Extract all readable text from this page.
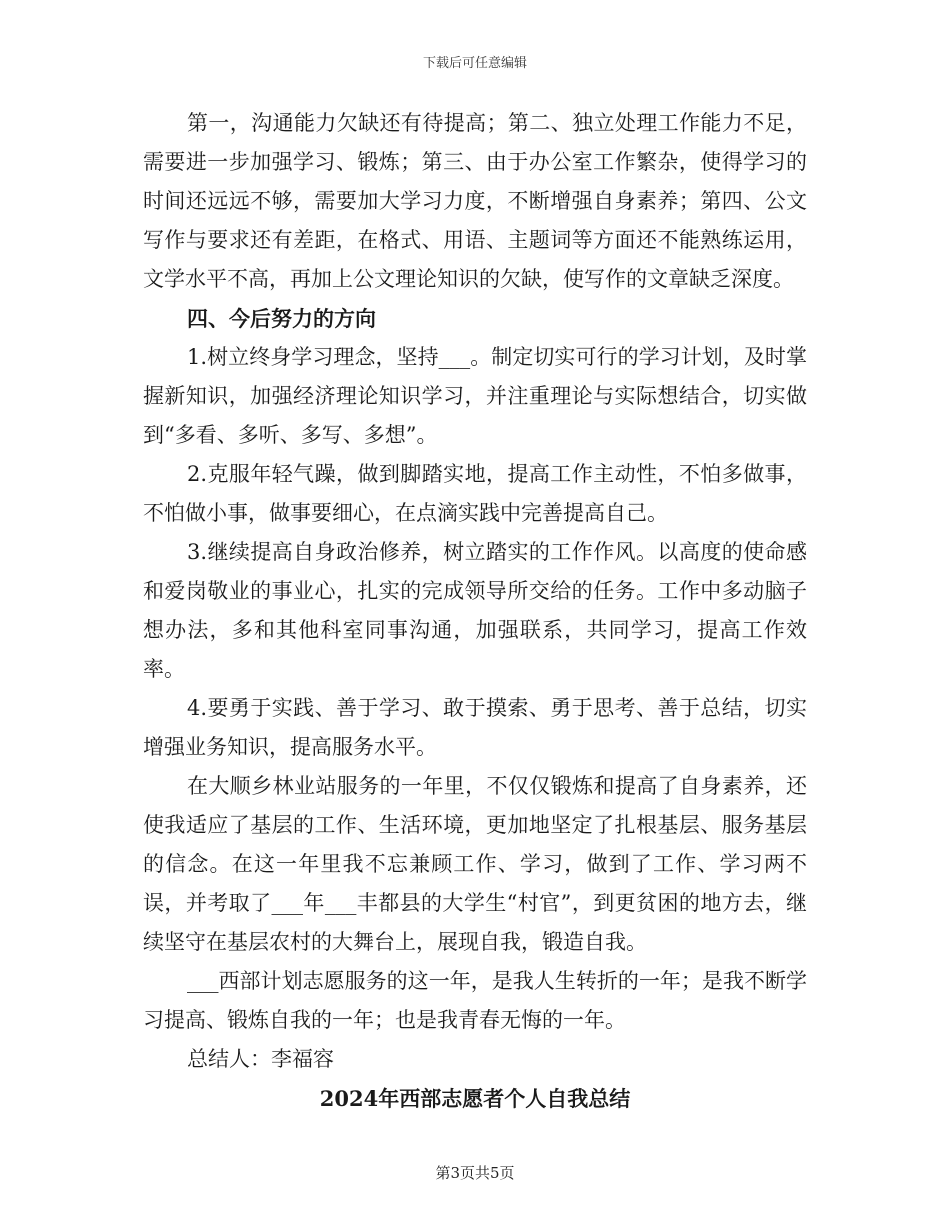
下载后可任意编辑

第一，沟通能力欠缺还有待提高；第二、独立处理工作能力不足，需要进一步加强学习、锻炼；第三、由于办公室工作繁杂，使得学习的时间还远远不够，需要加大学习力度，不断增强自身素养；第四、公文写作与要求还有差距，在格式、用语、主题词等方面还不能熟练运用，文学水平不高，再加上公文理论知识的欠缺，使写作的文章缺乏深度。

四、今后努力的方向

1.树立终身学习理念，坚持___。制定切实可行的学习计划，及时掌握新知识，加强经济理论知识学习，并注重理论与实际想结合，切实做到“多看、多听、多写、多想”。

2.克服年轻气躁，做到脚踏实地，提高工作主动性，不怕多做事，不怕做小事，做事要细心，在点滴实践中完善提高自己。

3.继续提高自身政治修养，树立踏实的工作作风。以高度的使命感和爱岗敬业的事业心，扎实的完成领导所交给的任务。工作中多动脑子想办法，多和其他科室同事沟通，加强联系，共同学习，提高工作效率。

4.要勇于实践、善于学习、敢于摸索、勇于思考、善于总结，切实增强业务知识，提高服务水平。

在大顺乡林业站服务的一年里，不仅仅锻炼和提高了自身素养，还使我适应了基层的工作、生活环境，更加地坚定了扎根基层、服务基层的信念。在这一年里我不忘兼顾工作、学习，做到了工作、学习两不误，并考取了___年___丰都县的大学生“村官”，到更贫困的地方去，继续坚守在基层农村的大舞台上，展现自我，锻造自我。

___西部计划志愿服务的这一年，是我人生转折的一年；是我不断学习提高、锻炼自我的一年；也是我青春无悔的一年。

总结人：李福容

2024年西部志愿者个人自我总结

第3页共5页
